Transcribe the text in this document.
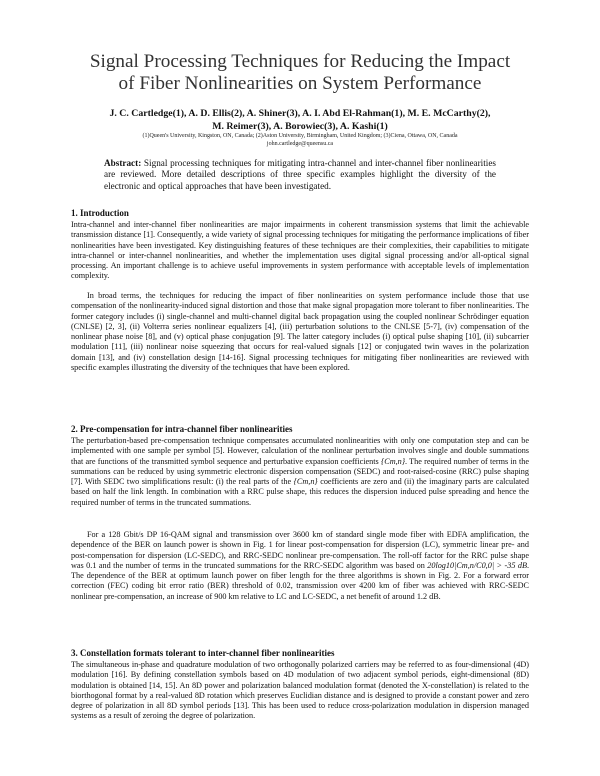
Signal Processing Techniques for Reducing the Impact
of Fiber Nonlinearities on System Performance
J. C. Cartledge(1), A. D. Ellis(2), A. Shiner(3), A. I. Abd El-Rahman(1), M. E. McCarthy(2),
M. Reimer(3), A. Borowiec(3), A. Kashi(1)
(1)Queen's University, Kingston, ON, Canada; (2)Aston University, Birmingham, United Kingdom; (3)Ciena, Ottawa, ON, Canada
john.cartledge@queensu.ca
Abstract: Signal processing techniques for mitigating intra-channel and inter-channel fiber nonlinearities are reviewed. More detailed descriptions of three specific examples highlight the diversity of the electronic and optical approaches that have been investigated.
1. Introduction
Intra-channel and inter-channel fiber nonlinearities are major impairments in coherent transmission systems that limit the achievable transmission distance [1]. Consequently, a wide variety of signal processing techniques for mitigating the performance implications of fiber nonlinearities have been investigated. Key distinguishing features of these techniques are their complexities, their capabilities to mitigate intra-channel or inter-channel nonlinearities, and whether the implementation uses digital signal processing and/or all-optical signal processing. An important challenge is to achieve useful improvements in system performance with acceptable levels of implementation complexity.
In broad terms, the techniques for reducing the impact of fiber nonlinearities on system performance include those that use compensation of the nonlinearity-induced signal distortion and those that make signal propagation more tolerant to fiber nonlinearities. The former category includes (i) single-channel and multi-channel digital back propagation using the coupled nonlinear Schrödinger equation (CNLSE) [2, 3], (ii) Volterra series nonlinear equalizers [4], (iii) perturbation solutions to the CNLSE [5-7], (iv) compensation of the nonlinear phase noise [8], and (v) optical phase conjugation [9]. The latter category includes (i) optical pulse shaping [10], (ii) subcarrier modulation [11], (iii) nonlinear noise squeezing that occurs for real-valued signals [12] or conjugated twin waves in the polarization domain [13], and (iv) constellation design [14-16]. Signal processing techniques for mitigating fiber nonlinearities are reviewed with specific examples illustrating the diversity of the techniques that have been explored.
2. Pre-compensation for intra-channel fiber nonlinearities
The perturbation-based pre-compensation technique compensates accumulated nonlinearities with only one computation step and can be implemented with one sample per symbol [5]. However, calculation of the nonlinear perturbation involves single and double summations that are functions of the transmitted symbol sequence and perturbative expansion coefficients {Cm,n}. The required number of terms in the summations can be reduced by using symmetric electronic dispersion compensation (SEDC) and root-raised-cosine (RRC) pulse shaping [7]. With SEDC two simplifications result: (i) the real parts of the {Cm,n} coefficients are zero and (ii) the imaginary parts are calculated based on half the link length. In combination with a RRC pulse shape, this reduces the dispersion induced pulse spreading and hence the required number of terms in the truncated summations.
For a 128 Gbit/s DP 16-QAM signal and transmission over 3600 km of standard single mode fiber with EDFA amplification, the dependence of the BER on launch power is shown in Fig. 1 for linear post-compensation for dispersion (LC), symmetric linear pre- and post-compensation for dispersion (LC-SEDC), and RRC-SEDC nonlinear pre-compensation. The roll-off factor for the RRC pulse shape was 0.1 and the number of terms in the truncated summations for the RRC-SEDC algorithm was based on 20log10|Cm,n/C0,0| > -35 dB. The dependence of the BER at optimum launch power on fiber length for the three algorithms is shown in Fig. 2. For a forward error correction (FEC) coding bit error ratio (BER) threshold of 0.02, transmission over 4200 km of fiber was achieved with RRC-SEDC nonlinear pre-compensation, an increase of 900 km relative to LC and LC-SEDC, a net benefit of around 1.2 dB.
3. Constellation formats tolerant to inter-channel fiber nonlinearities
The simultaneous in-phase and quadrature modulation of two orthogonally polarized carriers may be referred to as four-dimensional (4D) modulation [16]. By defining constellation symbols based on 4D modulation of two adjacent symbol periods, eight-dimensional (8D) modulation is obtained [14, 15]. An 8D power and polarization balanced modulation format (denoted the X-constellation) is related to the biorthogonal format by a real-valued 8D rotation which preserves Euclidian distance and is designed to provide a constant power and zero degree of polarization in all 8D symbol periods [13]. This has been used to reduce cross-polarization modulation in dispersion managed systems as a result of zeroing the degree of polarization.
